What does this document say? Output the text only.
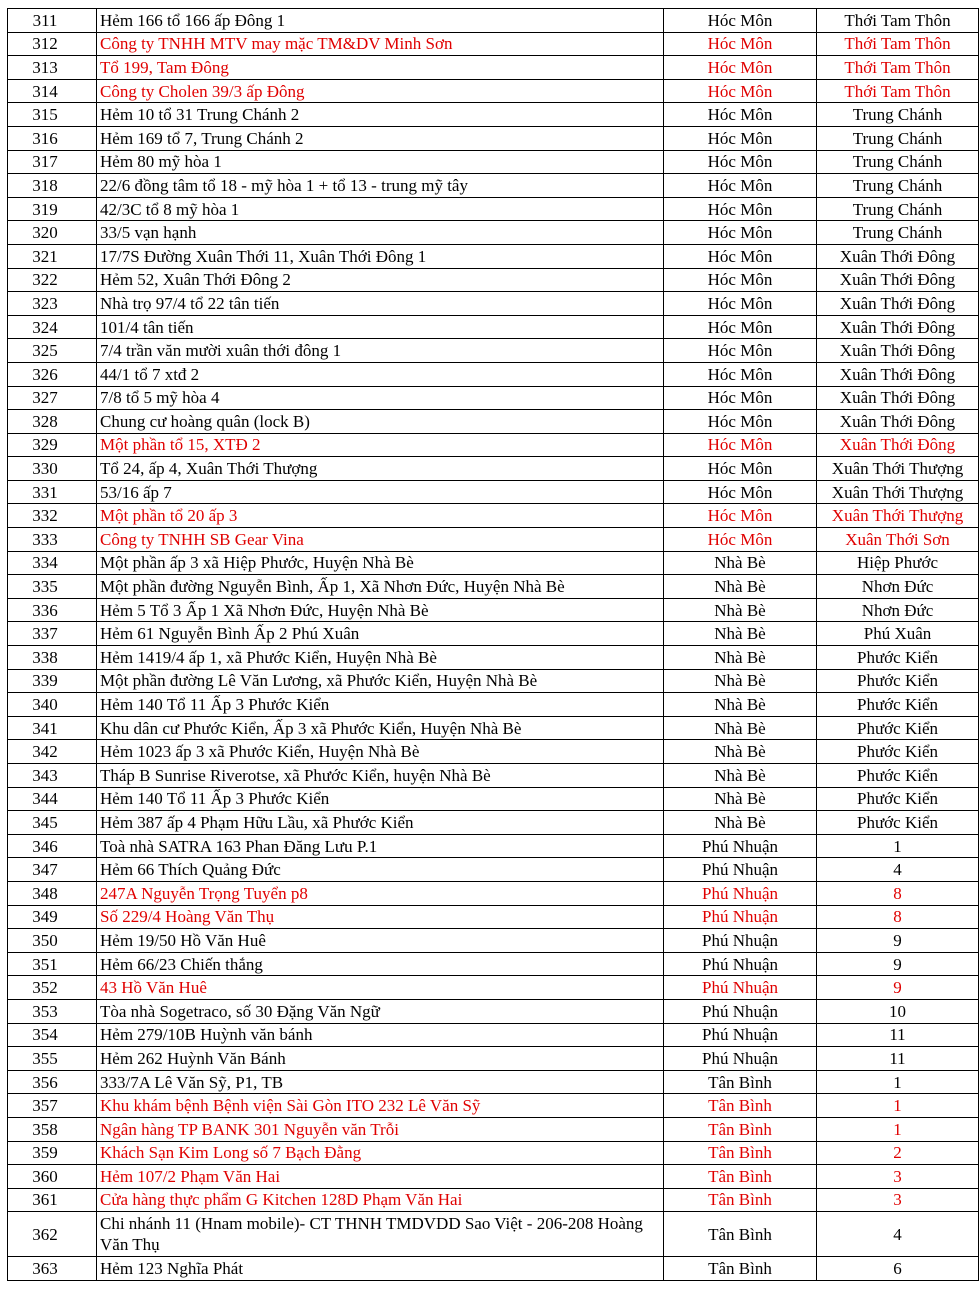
311	Hẻm 166 tổ 166 ấp Đông 1	Hóc Môn	Thới Tam Thôn
312	Công ty TNHH MTV may mặc TM&DV Minh Sơn	Hóc Môn	Thới Tam Thôn
313	Tổ 199, Tam Đông	Hóc Môn	Thới Tam Thôn
314	Công ty Cholen 39/3 ấp Đông	Hóc Môn	Thới Tam Thôn
315	Hẻm 10 tổ 31 Trung Chánh 2	Hóc Môn	Trung Chánh
316	Hẻm 169 tổ 7, Trung Chánh 2	Hóc Môn	Trung Chánh
317	Hẻm 80 mỹ hòa 1	Hóc Môn	Trung Chánh
318	22/6 đồng tâm tổ 18 - mỹ hòa 1 + tổ 13 - trung mỹ tây	Hóc Môn	Trung Chánh
319	42/3C tổ 8 mỹ hòa 1	Hóc Môn	Trung Chánh
320	33/5 vạn hạnh	Hóc Môn	Trung Chánh
321	17/7S Đường Xuân Thới 11, Xuân Thới Đông 1	Hóc Môn	Xuân Thới Đông
322	Hẻm 52, Xuân Thới Đông 2	Hóc Môn	Xuân Thới Đông
323	Nhà trọ 97/4 tổ 22 tân tiến	Hóc Môn	Xuân Thới Đông
324	101/4 tân tiến	Hóc Môn	Xuân Thới Đông
325	7/4 trần văn mười xuân thới đông 1	Hóc Môn	Xuân Thới Đông
326	44/1 tổ 7 xtđ 2	Hóc Môn	Xuân Thới Đông
327	7/8 tổ 5 mỹ hòa 4	Hóc Môn	Xuân Thới Đông
328	Chung cư hoàng quân (lock B)	Hóc Môn	Xuân Thới Đông
329	Một phần tổ 15, XTĐ 2	Hóc Môn	Xuân Thới Đông
330	Tổ 24, ấp 4, Xuân Thới Thượng	Hóc Môn	Xuân Thới Thượng
331	53/16 ấp 7	Hóc Môn	Xuân Thới Thượng
332	Một phần tổ 20 ấp 3	Hóc Môn	Xuân Thới Thượng
333	Công ty TNHH SB Gear Vina	Hóc Môn	Xuân Thới Sơn
334	Một phần ấp 3 xã Hiệp Phước, Huyện Nhà Bè	Nhà Bè	Hiệp Phước
335	Một phần đường Nguyễn Bình, Ấp 1, Xã Nhơn Đức, Huyện Nhà Bè	Nhà Bè	Nhơn Đức
336	Hẻm 5 Tổ 3 Ấp 1 Xã Nhơn Đức, Huyện Nhà Bè	Nhà Bè	Nhơn Đức
337	Hẻm 61 Nguyễn Bình Ấp 2 Phú Xuân	Nhà Bè	Phú Xuân
338	Hẻm 1419/4 ấp 1, xã Phước Kiển, Huyện Nhà Bè	Nhà Bè	Phước Kiển
339	Một phần đường Lê Văn Lương, xã Phước Kiển, Huyện Nhà Bè	Nhà Bè	Phước Kiển
340	Hẻm 140 Tổ 11 Ấp 3 Phước Kiển	Nhà Bè	Phước Kiển
341	Khu dân cư Phước Kiển, Ấp 3 xã Phước Kiển, Huyện Nhà Bè	Nhà Bè	Phước Kiển
342	Hẻm 1023 ấp 3 xã Phước Kiển, Huyện Nhà Bè	Nhà Bè	Phước Kiển
343	Tháp B Sunrise Riverotse, xã Phước Kiển, huyện Nhà Bè	Nhà Bè	Phước Kiển
344	Hẻm 140 Tổ 11 Ấp 3 Phước Kiển	Nhà Bè	Phước Kiển
345	Hẻm 387 ấp 4 Phạm Hữu Lầu, xã Phước Kiển	Nhà Bè	Phước Kiển
346	Toà nhà SATRA 163 Phan Đăng Lưu P.1	Phú Nhuận	1
347	Hẻm 66 Thích Quảng Đức	Phú Nhuận	4
348	247A Nguyễn Trọng Tuyển p8	Phú Nhuận	8
349	Số 229/4 Hoàng Văn Thụ	Phú Nhuận	8
350	Hẻm 19/50 Hồ Văn Huê	Phú Nhuận	9
351	Hẻm 66/23 Chiến thắng	Phú Nhuận	9
352	43 Hồ Văn Huê	Phú Nhuận	9
353	Tòa nhà Sogetraco, số 30 Đặng Văn Ngữ	Phú Nhuận	10
354	Hẻm 279/10B Huỳnh văn bánh	Phú Nhuận	11
355	Hẻm 262 Huỳnh Văn Bánh	Phú Nhuận	11
356	333/7A Lê Văn Sỹ, P1, TB	Tân Bình	1
357	Khu khám bệnh Bệnh viện Sài Gòn ITO 232 Lê Văn Sỹ	Tân Bình	1
358	Ngân hàng TP BANK 301 Nguyễn văn Trỗi	Tân Bình	1
359	Khách Sạn Kim Long số 7 Bạch Đằng	Tân Bình	2
360	Hẻm 107/2 Phạm Văn Hai	Tân Bình	3
361	Cửa hàng thực phẩm G Kitchen 128D Phạm Văn Hai	Tân Bình	3
362	Chi nhánh 11 (Hnam mobile)- CT THNH TMDVDD Sao Việt - 206-208 Hoàng Văn Thụ	Tân Bình	4
363	Hẻm 123 Nghĩa Phát	Tân Bình	6
